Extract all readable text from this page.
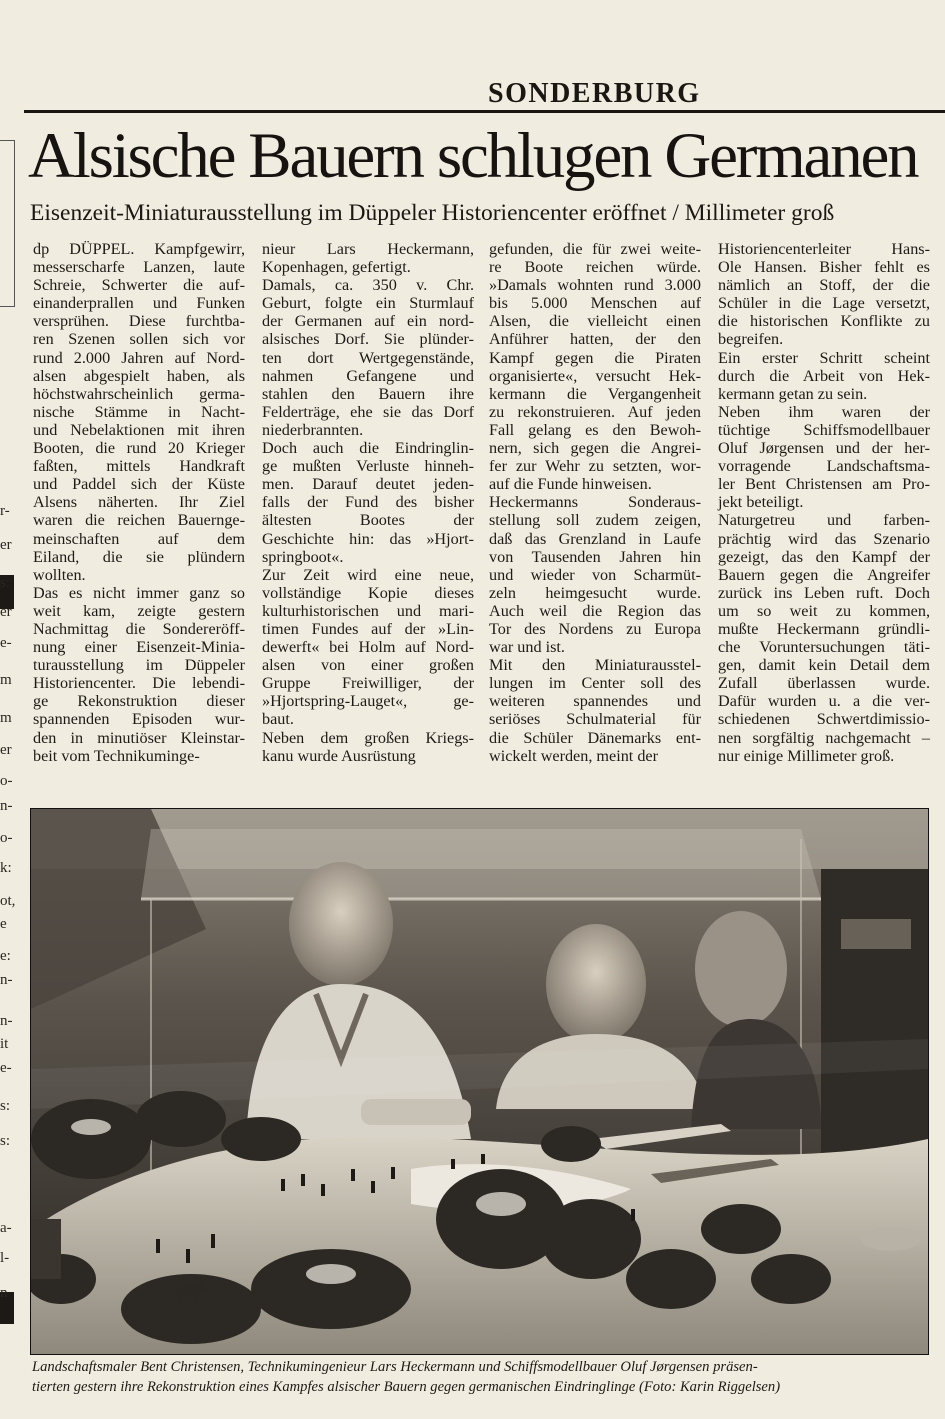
r-
er
s:
er
e-
m
m
er
o-
n-
o-
k:
ot,
e
e:
n-
n-
it
e-
s:
s:
a-
l-
n
SONDERBURG
Alsische Bauern schlugen Germanen
Eisenzeit-Miniaturausstellung im Düppeler Historiencenter eröffnet / Millimeter groß
dp DÜPPEL. Kampfgewirr,
messerscharfe Lanzen, laute
Schreie, Schwerter die auf-
einanderprallen und Funken
versprühen. Diese furchtba-
ren Szenen sollen sich vor
rund 2.000 Jahren auf Nord-
alsen abgespielt haben, als
höchstwahrscheinlich germa-
nische Stämme in Nacht-
und Nebelaktionen mit ihren
Booten, die rund 20 Krieger
faßten, mittels Handkraft
und Paddel sich der Küste
Alsens näherten. Ihr Ziel
waren die reichen Bauernge-
meinschaften auf dem
Eiland, die sie plündern
wollten.
Das es nicht immer ganz so
weit kam, zeigte gestern
Nachmittag die Sondereröff-
nung einer Eisenzeit-Minia-
turausstellung im Düppeler
Historiencenter. Die lebendi-
ge Rekonstruktion dieser
spannenden Episoden wur-
den in minutiöser Kleinstar-
beit vom Technikuminge-
nieur Lars Heckermann,
Kopenhagen, gefertigt.
Damals, ca. 350 v. Chr.
Geburt, folgte ein Sturmlauf
der Germanen auf ein nord-
alsisches Dorf. Sie plünder-
ten dort Wertgegenstände,
nahmen Gefangene und
stahlen den Bauern ihre
Felderträge, ehe sie das Dorf
niederbrannten.
Doch auch die Eindringlin-
ge mußten Verluste hinneh-
men. Darauf deutet jeden-
falls der Fund des bisher
ältesten Bootes der
Geschichte hin: das »Hjort-
springboot«.
Zur Zeit wird eine neue,
vollständige Kopie dieses
kulturhistorischen und mari-
timen Fundes auf der »Lin-
dewerft« bei Holm auf Nord-
alsen von einer großen
Gruppe Freiwilliger, der
»Hjortspring-Lauget«, ge-
baut.
Neben dem großen Kriegs-
kanu wurde Ausrüstung
gefunden, die für zwei weite-
re Boote reichen würde.
»Damals wohnten rund 3.000
bis 5.000 Menschen auf
Alsen, die vielleicht einen
Anführer hatten, der den
Kampf gegen die Piraten
organisierte«, versucht Hek-
kermann die Vergangenheit
zu rekonstruieren. Auf jeden
Fall gelang es den Bewoh-
nern, sich gegen die Angrei-
fer zur Wehr zu setzten, wor-
auf die Funde hinweisen.
Heckermanns Sonderaus-
stellung soll zudem zeigen,
daß das Grenzland in Laufe
von Tausenden Jahren hin
und wieder von Scharmüt-
zeln heimgesucht wurde.
Auch weil die Region das
Tor des Nordens zu Europa
war und ist.
Mit den Miniaturausstel-
lungen im Center soll des
weiteren spannendes und
seriöses Schulmaterial für
die Schüler Dänemarks ent-
wickelt werden, meint der
Historiencenterleiter Hans-
Ole Hansen. Bisher fehlt es
nämlich an Stoff, der die
Schüler in die Lage versetzt,
die historischen Konflikte zu
begreifen.
Ein erster Schritt scheint
durch die Arbeit von Hek-
kermann getan zu sein.
Neben ihm waren der
tüchtige Schiffsmodellbauer
Oluf Jørgensen und der her-
vorragende Landschaftsma-
ler Bent Christensen am Pro-
jekt beteiligt.
Naturgetreu und farben-
prächtig wird das Szenario
gezeigt, das den Kampf der
Bauern gegen die Angreifer
zurück ins Leben ruft. Doch
um so weit zu kommen,
mußte Heckermann gründli-
che Voruntersuchungen täti-
gen, damit kein Detail dem
Zufall überlassen wurde.
Dafür wurden u. a die ver-
schiedenen Schwertdimissio-
nen sorgfältig nachgemacht –
nur einige Millimeter groß.
Landschaftsmaler Bent Christensen, Technikumingenieur Lars Heckermann und Schiffsmodellbauer Oluf Jørgensen präsen-
tierten gestern ihre Rekonstruktion eines Kampfes alsischer Bauern gegen germanischen Eindringlinge (Foto: Karin Riggelsen)
